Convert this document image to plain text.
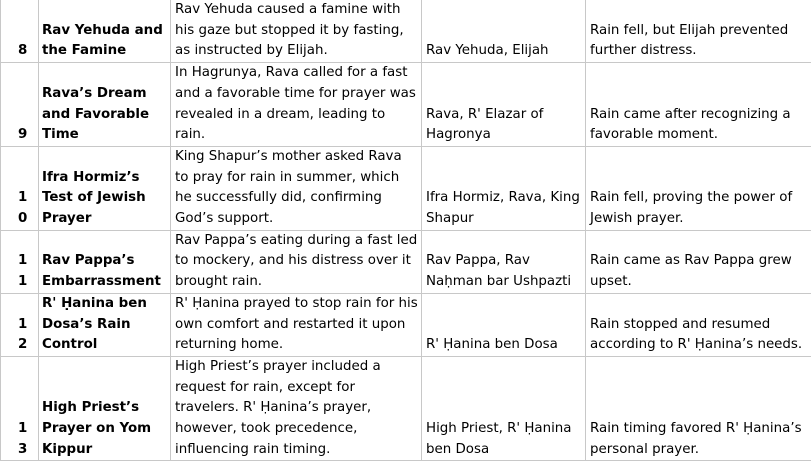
8	Rav Yehuda and the Famine	Rav Yehuda caused a famine with his gaze but stopped it by fasting, as instructed by Elijah.	Rav Yehuda, Elijah	Rain fell, but Elijah prevented further distress.
9	Rava’s Dream and Favorable Time	In Hagrunya, Rava called for a fast and a favorable time for prayer was revealed in a dream, leading to rain.	Rava, R' Elazar of Hagronya	Rain came after recognizing a favorable moment.
10	Ifra Hormiz’s Test of Jewish Prayer	King Shapur’s mother asked Rava to pray for rain in summer, which he successfully did, confirming God’s support.	Ifra Hormiz, Rava, King Shapur	Rain fell, proving the power of Jewish prayer.
11	Rav Pappa’s Embarrassment	Rav Pappa’s eating during a fast led to mockery, and his distress over it brought rain.	Rav Pappa, Rav Naḥman bar Ushpazti	Rain came as Rav Pappa grew upset.
12	R' Ḥanina ben Dosa’s Rain Control	R' Ḥanina prayed to stop rain for his own comfort and restarted it upon returning home.	R' Ḥanina ben Dosa	Rain stopped and resumed according to R' Ḥanina’s needs.
13	High Priest’s Prayer on Yom Kippur	High Priest’s prayer included a request for rain, except for travelers. R' Ḥanina’s prayer, however, took precedence, influencing rain timing.	High Priest, R' Ḥanina ben Dosa	Rain timing favored R' Ḥanina’s personal prayer.
